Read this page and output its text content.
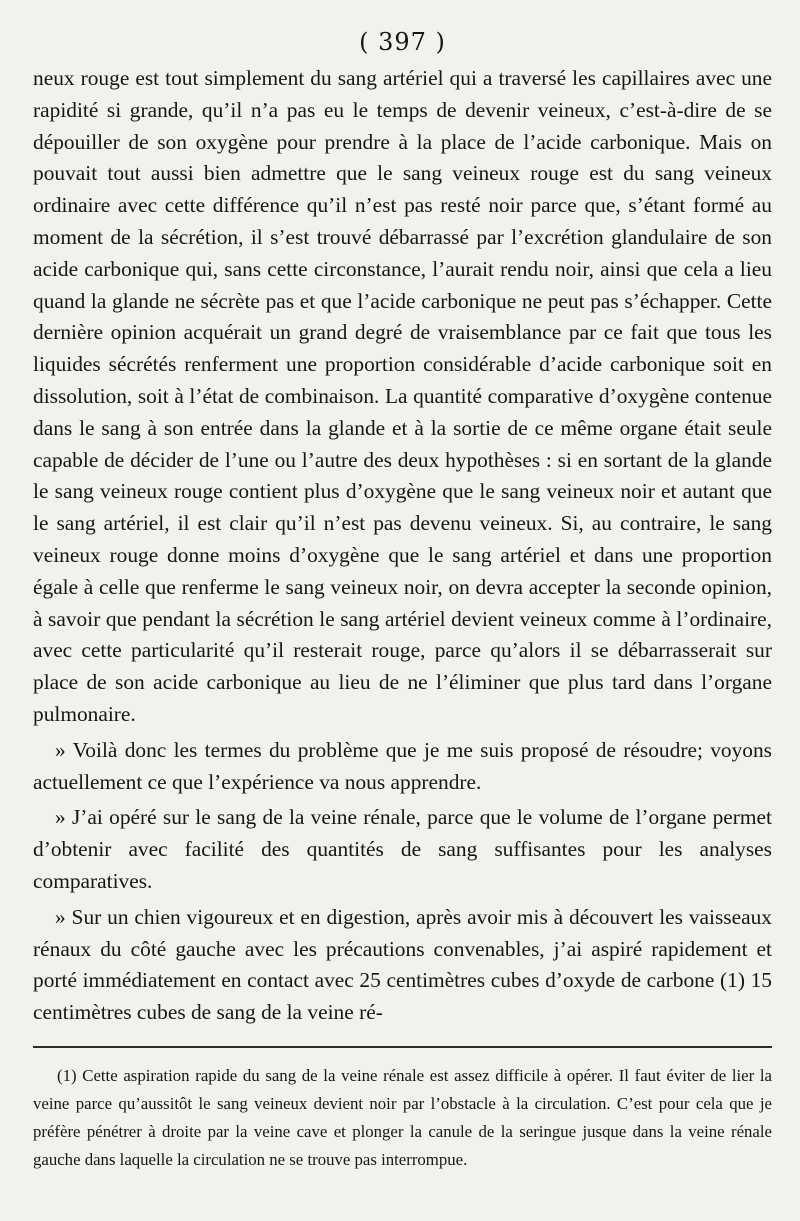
( 397 )

neux rouge est tout simplement du sang artériel qui a traversé les capillaires avec une rapidité si grande, qu’il n’a pas eu le temps de devenir veineux, c’est-à-dire de se dépouiller de son oxygène pour prendre à la place de l’acide carbonique. Mais on pouvait tout aussi bien admettre que le sang veineux rouge est du sang veineux ordinaire avec cette différence qu’il n’est pas resté noir parce que, s’étant formé au moment de la sécrétion, il s’est trouvé débarrassé par l’excrétion glandulaire de son acide carbonique qui, sans cette circonstance, l’aurait rendu noir, ainsi que cela a lieu quand la glande ne sécrète pas et que l’acide carbonique ne peut pas s’échapper. Cette dernière opinion acquérait un grand degré de vraisemblance par ce fait que tous les liquides sécrétés renferment une proportion considérable d’acide carbonique soit en dissolution, soit à l’état de combinaison. La quantité comparative d’oxygène contenue dans le sang à son entrée dans la glande et à la sortie de ce même organe était seule capable de décider de l’une ou l’autre des deux hypothèses : si en sortant de la glande le sang veineux rouge contient plus d’oxygène que le sang veineux noir et autant que le sang artériel, il est clair qu’il n’est pas devenu veineux. Si, au contraire, le sang veineux rouge donne moins d’oxygène que le sang artériel et dans une proportion égale à celle que renferme le sang veineux noir, on devra accepter la seconde opinion, à savoir que pendant la sécrétion le sang artériel devient veineux comme à l’ordinaire, avec cette particularité qu’il resterait rouge, parce qu’alors il se débarrasserait sur place de son acide carbonique au lieu de ne l’éliminer que plus tard dans l’organe pulmonaire.

» Voilà donc les termes du problème que je me suis proposé de résoudre; voyons actuellement ce que l’expérience va nous apprendre.

» J’ai opéré sur le sang de la veine rénale, parce que le volume de l’organe permet d’obtenir avec facilité des quantités de sang suffisantes pour les analyses comparatives.

» Sur un chien vigoureux et en digestion, après avoir mis à découvert les vaisseaux rénaux du côté gauche avec les précautions convenables, j’ai aspiré rapidement et porté immédiatement en contact avec 25 centimètres cubes d’oxyde de carbone (1) 15 centimètres cubes de sang de la veine ré-

(1) Cette aspiration rapide du sang de la veine rénale est assez difficile à opérer. Il faut éviter de lier la veine parce qu’aussitôt le sang veineux devient noir par l’obstacle à la circulation. C’est pour cela que je préfère pénétrer à droite par la veine cave et plonger la canule de la seringue jusque dans la veine rénale gauche dans laquelle la circulation ne se trouve pas interrompue.
